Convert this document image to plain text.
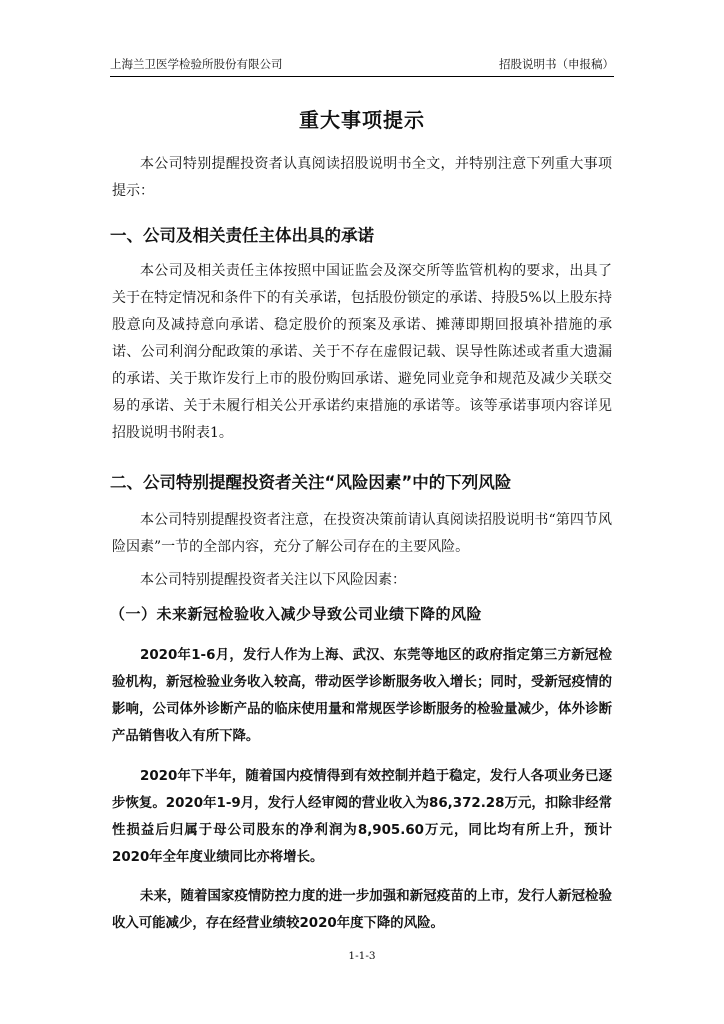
上海兰卫医学检验所股份有限公司	招股说明书（申报稿）
重大事项提示

本公司特别提醒投资者认真阅读招股说明书全文，并特别注意下列重大事项提示：

一、公司及相关责任主体出具的承诺

本公司及相关责任主体按照中国证监会及深交所等监管机构的要求，出具了关于在特定情况和条件下的有关承诺，包括股份锁定的承诺、持股5%以上股东持股意向及减持意向承诺、稳定股价的预案及承诺、摊薄即期回报填补措施的承诺、公司利润分配政策的承诺、关于不存在虚假记载、误导性陈述或者重大遗漏的承诺、关于欺诈发行上市的股份购回承诺、避免同业竞争和规范及减少关联交易的承诺、关于未履行相关公开承诺约束措施的承诺等。该等承诺事项内容详见招股说明书附表1。

二、公司特别提醒投资者关注“风险因素”中的下列风险

本公司特别提醒投资者注意，在投资决策前请认真阅读招股说明书“第四节风险因素”一节的全部内容，充分了解公司存在的主要风险。

本公司特别提醒投资者关注以下风险因素：

（一）未来新冠检验收入减少导致公司业绩下降的风险

2020年1-6月，发行人作为上海、武汉、东莞等地区的政府指定第三方新冠检验机构，新冠检验业务收入较高，带动医学诊断服务收入增长；同时，受新冠疫情的影响，公司体外诊断产品的临床使用量和常规医学诊断服务的检验量减少，体外诊断产品销售收入有所下降。

2020年下半年，随着国内疫情得到有效控制并趋于稳定，发行人各项业务已逐步恢复。2020年1-9月，发行人经审阅的营业收入为86,372.28万元，扣除非经常性损益后归属于母公司股东的净利润为8,905.60万元，同比均有所上升，预计2020年全年度业绩同比亦将增长。

未来，随着国家疫情防控力度的进一步加强和新冠疫苗的上市，发行人新冠检验收入可能减少，存在经营业绩较2020年度下降的风险。

1-1-3
